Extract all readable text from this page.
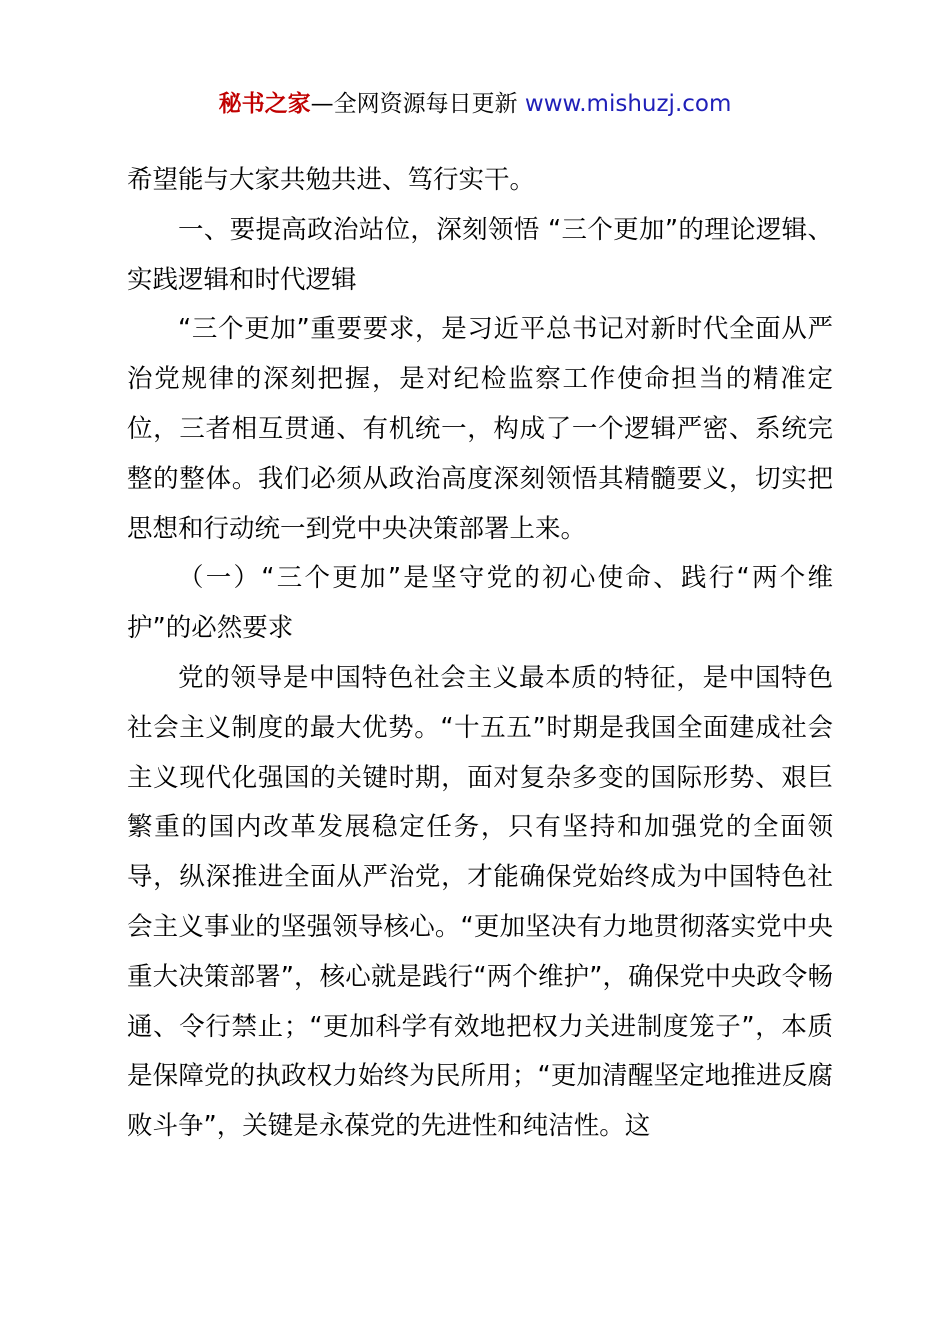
秘书之家—全网资源每日更新 www.mishuzj.com

希望能与大家共勉共进、笃行实干。

一、要提高政治站位，深刻领悟 “三个更加”的理论逻辑、实践逻辑和时代逻辑

“三个更加”重要要求，是习近平总书记对新时代全面从严治党规律的深刻把握，是对纪检监察工作使命担当的精准定位，三者相互贯通、有机统一，构成了一个逻辑严密、系统完整的整体。我们必须从政治高度深刻领悟其精髓要义，切实把思想和行动统一到党中央决策部署上来。

（一）“三个更加”是坚守党的初心使命、践行“两个维护”的必然要求

党的领导是中国特色社会主义最本质的特征，是中国特色社会主义制度的最大优势。“十五五”时期是我国全面建成社会主义现代化强国的关键时期，面对复杂多变的国际形势、艰巨繁重的国内改革发展稳定任务，只有坚持和加强党的全面领导，纵深推进全面从严治党，才能确保党始终成为中国特色社会主义事业的坚强领导核心。“更加坚决有力地贯彻落实党中央重大决策部署”，核心就是践行“两个维护”，确保党中央政令畅通、令行禁止；“更加科学有效地把权力关进制度笼子”，本质是保障党的执政权力始终为民所用；“更加清醒坚定地推进反腐败斗争”，关键是永葆党的先进性和纯洁性。这
